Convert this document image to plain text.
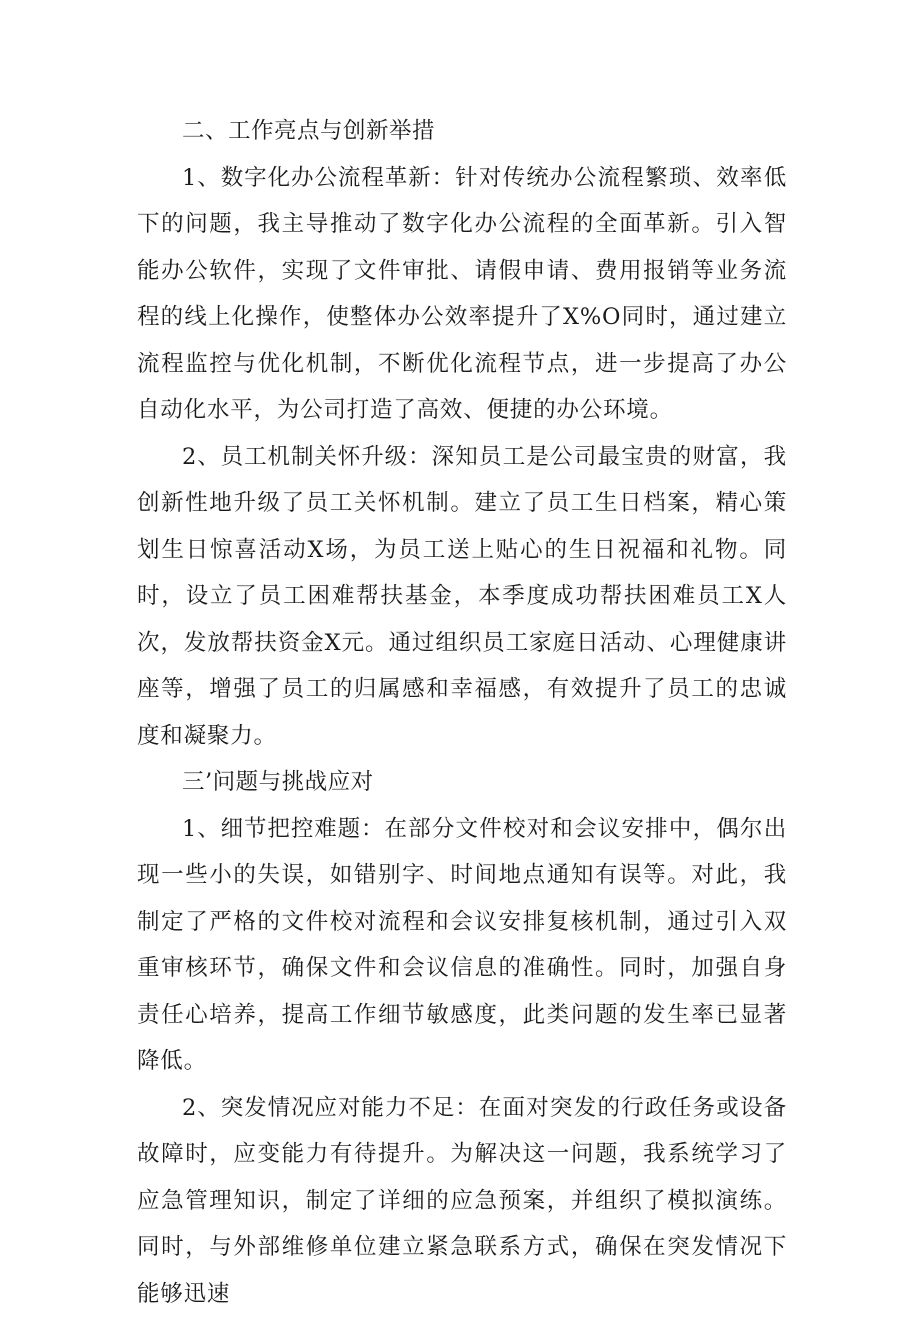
二、工作亮点与创新举措

1、数字化办公流程革新：针对传统办公流程繁琐、效率低下的问题，我主导推动了数字化办公流程的全面革新。引入智能办公软件，实现了文件审批、请假申请、费用报销等业务流程的线上化操作，使整体办公效率提升了X%O同时，通过建立流程监控与优化机制，不断优化流程节点，进一步提高了办公自动化水平，为公司打造了高效、便捷的办公环境。

2、员工机制关怀升级：深知员工是公司最宝贵的财富，我创新性地升级了员工关怀机制。建立了员工生日档案，精心策划生日惊喜活动X场，为员工送上贴心的生日祝福和礼物。同时，设立了员工困难帮扶基金，本季度成功帮扶困难员工X人次，发放帮扶资金X元。通过组织员工家庭日活动、心理健康讲座等，增强了员工的归属感和幸福感，有效提升了员工的忠诚度和凝聚力。

三’问题与挑战应对

1、细节把控难题：在部分文件校对和会议安排中，偶尔出现一些小的失误，如错别字、时间地点通知有误等。对此，我制定了严格的文件校对流程和会议安排复核机制，通过引入双重审核环节，确保文件和会议信息的准确性。同时，加强自身责任心培养，提高工作细节敏感度，此类问题的发生率已显著降低。

2、突发情况应对能力不足：在面对突发的行政任务或设备故障时，应变能力有待提升。为解决这一问题，我系统学习了应急管理知识，制定了详细的应急预案，并组织了模拟演练。同时，与外部维修单位建立紧急联系方式，确保在突发情况下能够迅速
